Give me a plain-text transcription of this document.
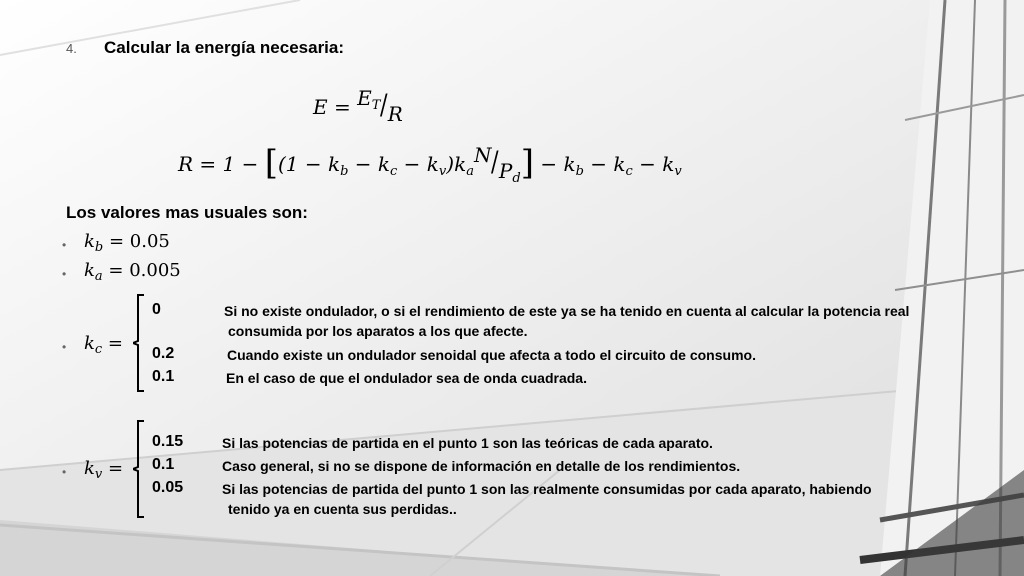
4. Calcular la energía necesaria:
$E = E_T/R$
$R = 1 - [(1 - k_b - k_c - k_v)k_aN/P_d] - k_b - k_c - k_v$
Los valores mas usuales son:
• $k_b = 0.05$
• $k_a = 0.005$
• $k_c$ =
0	Si no existe ondulador, o si el rendimiento de este ya se ha tenido en cuenta al calcular la potencia real
consumida por los aparatos a los que afecte.
0.2	Cuando existe un ondulador senoidal que afecta a todo el circuito de consumo.
0.1	En el caso de que el ondulador sea de onda cuadrada.
• $k_v$ =
0.15	Si las potencias de partida en el punto 1 son las teóricas de cada aparato.
0.1	Caso general, si no se dispone de información en detalle de los rendimientos.
0.05	Si las potencias de partida del punto 1 son las realmente consumidas por cada aparato, habiendo
tenido ya en cuenta sus perdidas..
